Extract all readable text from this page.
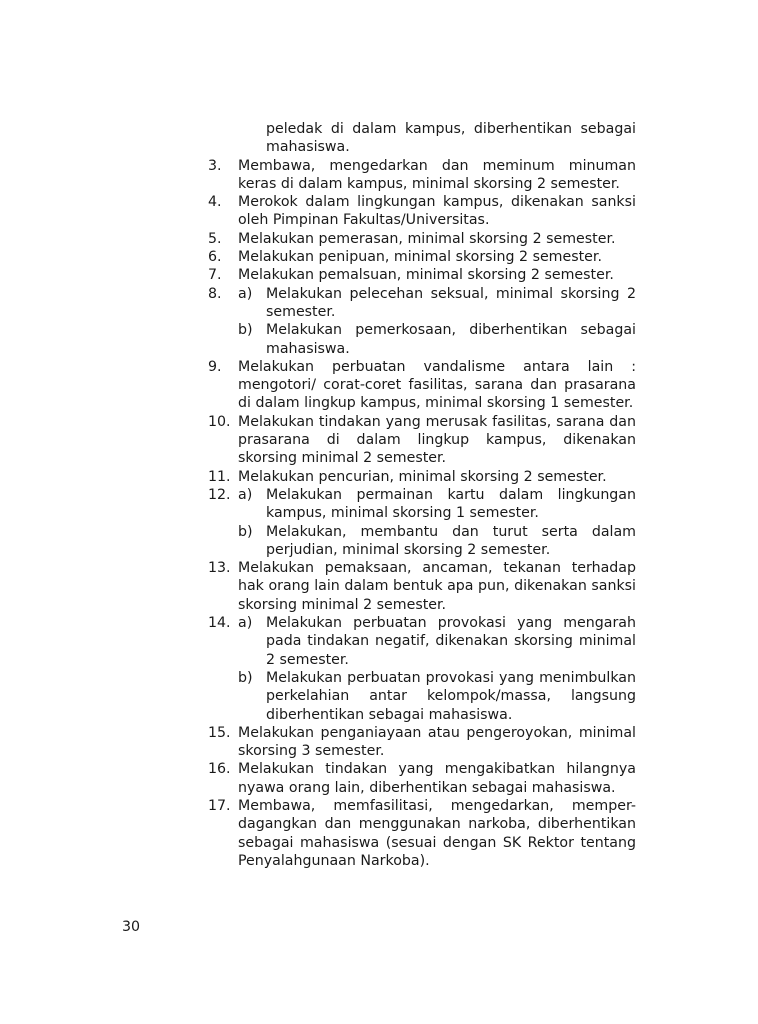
peledak di dalam kampus, diberhentikan sebagai mahasiswa.
3.	Membawa, mengedarkan dan meminum minuman keras di dalam kampus, minimal skorsing 2 semester.
4.	Merokok dalam lingkungan kampus, dikenakan sanksi oleh Pimpinan Fakultas/Universitas.
5.	Melakukan pemerasan, minimal skorsing 2 semester.
6.	Melakukan penipuan, minimal skorsing 2 semester.
7.	Melakukan pemalsuan, minimal skorsing 2 semester.
8.	a) Melakukan pelecehan seksual, minimal skorsing 2 semester.
b) Melakukan pemerkosaan, diberhentikan sebagai mahasiswa.
9.	Melakukan perbuatan vandalisme antara lain : mengotori/ corat-coret fasilitas, sarana dan prasarana di dalam lingkup kampus, minimal skorsing 1 semester.
10. Melakukan tindakan yang merusak fasilitas, sarana dan prasarana di dalam lingkup kampus, dikenakan skorsing minimal 2 semester.
11. Melakukan pencurian, minimal skorsing 2 semester.
12. a) Melakukan permainan kartu dalam lingkungan kampus, minimal skorsing 1 semester.
b) Melakukan, membantu dan turut serta dalam perjudian, minimal skorsing 2 semester.
13. Melakukan pemaksaan, ancaman, tekanan terhadap hak orang lain dalam bentuk apa pun, dikenakan sanksi skorsing minimal 2 semester.
14. a) Melakukan perbuatan provokasi yang mengarah pada tindakan negatif, dikenakan skorsing minimal 2 semester.
b) Melakukan perbuatan provokasi yang menimbulkan perkelahian antar kelompok/massa, langsung diberhentikan sebagai mahasiswa.
15. Melakukan penganiayaan atau pengeroyokan, minimal skorsing 3 semester.
16. Melakukan tindakan yang mengakibatkan hilangnya nyawa orang lain, diberhentikan sebagai mahasiswa.
17. Membawa, memfasilitasi, mengedarkan, memper-dagangkan dan menggunakan narkoba, diberhentikan sebagai mahasiswa (sesuai dengan SK Rektor tentang Penyalahgunaan Narkoba).
30
